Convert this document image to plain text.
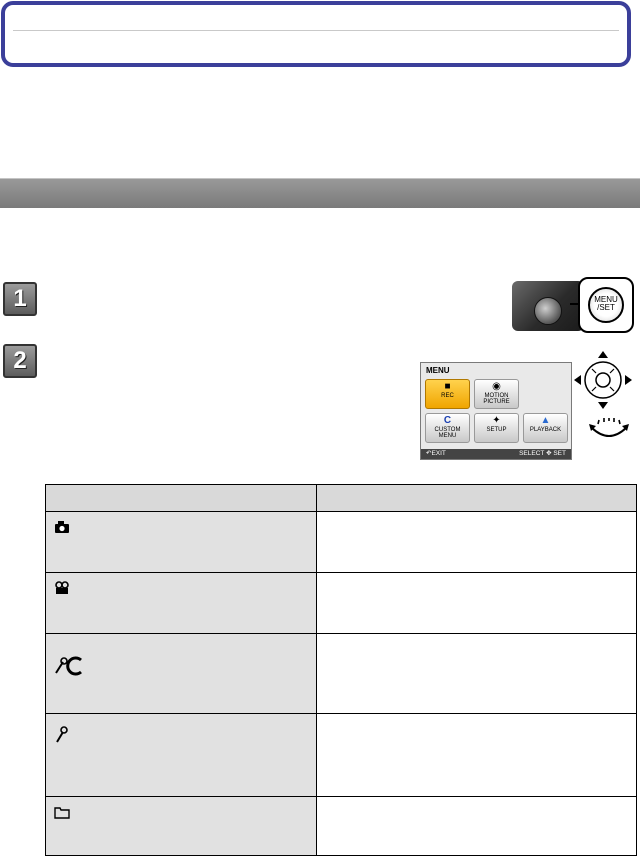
1
2
MENU
/SET
MENU
■
REC
◉
MOTION PICTURE
C
CUSTOM MENU
✦
SETUP
▲
PLAYBACK
↶EXIT	SELECT ✥ SET
